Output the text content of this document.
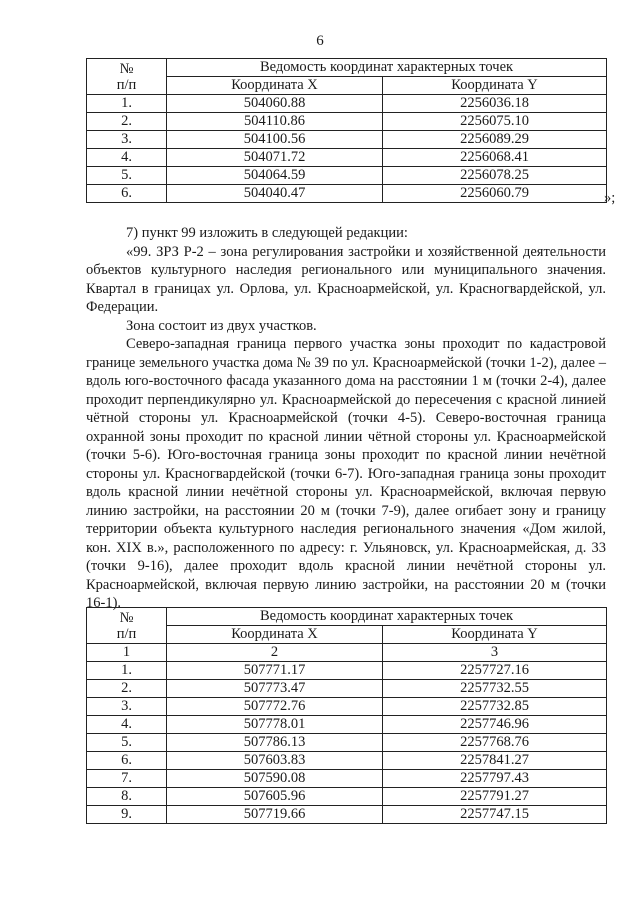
6
№
п/п	Ведомость координат характерных точек	
	Координата X	Координата Y
1.	504060.88	2256036.18
2.	504110.86	2256075.10
3.	504100.56	2256089.29
4.	504071.72	2256068.41
5.	504064.59	2256078.25
6.	504040.47	2256060.79	»;

7) пункт 99 изложить в следующей редакции:

«99. ЗРЗ Р-2 – зона регулирования застройки и хозяйственной деятельности объектов культурного наследия регионального или муниципального значения. Квартал в границах ул. Орлова, ул. Красноармейской, ул. Красногвардейской, ул. Федерации.

Зона состоит из двух участков.

Северо-западная граница первого участка зоны проходит по кадастровой границе земельного участка дома № 39 по ул. Красноармейской (точки 1-2), далее – вдоль юго-восточного фасада указанного дома на расстоянии 1 м (точки 2-4), далее проходит перпендикулярно ул. Красноармейской до пересечения с красной линией чётной стороны ул. Красноармейской (точки 4-5). Северо-восточная граница охранной зоны проходит по красной линии чётной стороны ул. Красноармейской (точки 5-6). Юго-восточная граница зоны проходит по красной линии нечётной стороны ул. Красногвардейской (точки 6-7). Юго-западная граница зоны проходит вдоль красной линии нечётной стороны ул. Красноармейской, включая первую линию застройки, на расстоянии 20 м (точки 7-9), далее огибает зону и границу территории объекта культурного наследия регионального значения «Дом жилой, кон. XIX в.», расположенного по адресу: г. Ульяновск, ул. Красноармейская, д. 33 (точки 9-16), далее проходит вдоль красной линии нечётной стороны ул. Красноармейской, включая первую линию застройки, на расстоянии 20 м (точки 16-1).

№
п/п	Ведомость координат характерных точек	
	Координата X	Координата Y
1	2	3
1.	507771.17	2257727.16
2.	507773.47	2257732.55
3.	507772.76	2257732.85
4.	507778.01	2257746.96
5.	507786.13	2257768.76
6.	507603.83	2257841.27
7.	507590.08	2257797.43
8.	507605.96	2257791.27
9.	507719.66	2257747.15
